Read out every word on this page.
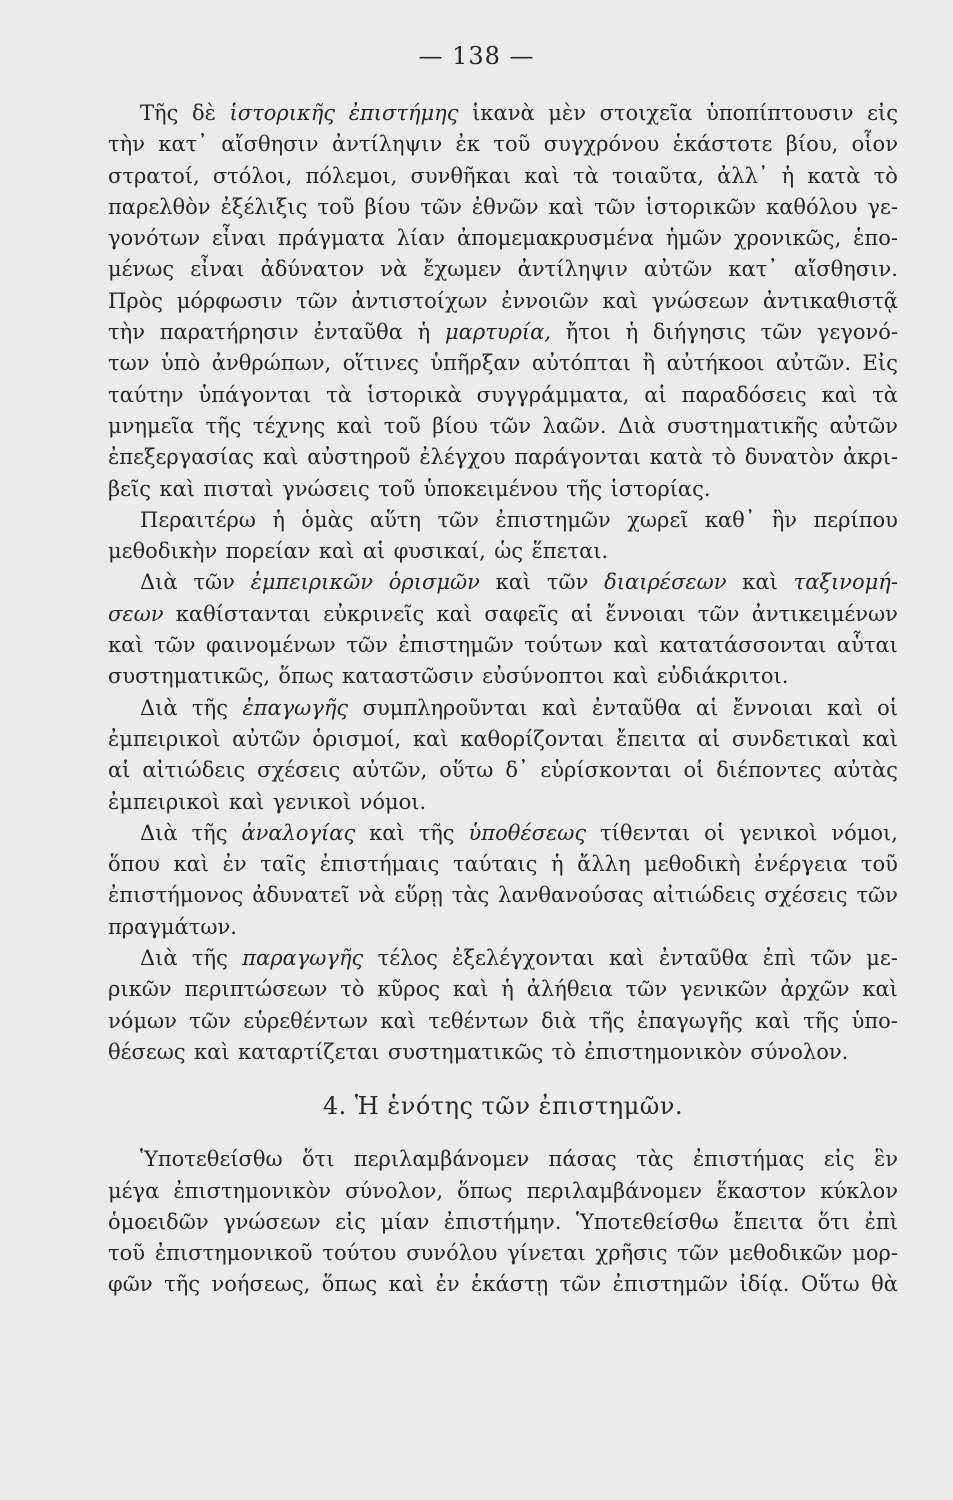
— 138 —
Τῆς δὲ ἱστορικῆς ἐπιστήμης ἱκανὰ μὲν στοιχεῖα ὑποπίπτουσιν εἰς
τὴν κατ᾽ αἴσθησιν ἀντίληψιν ἐκ τοῦ συγχρόνου ἑκάστοτε βίου, οἷον
στρατοί, στόλοι, πόλεμοι, συνθῆκαι καὶ τὰ τοιαῦτα, ἀλλ᾽ ἡ κατὰ τὸ
παρελθὸν ἐξέλιξις τοῦ βίου τῶν ἐθνῶν καὶ τῶν ἱστορικῶν καθόλου γε-
γονότων εἶναι πράγματα λίαν ἀπομεμακρυσμένα ἡμῶν χρονικῶς, ἑπο-
μένως εἶναι ἀδύνατον νὰ ἔχωμεν ἀντίληψιν αὐτῶν κατ᾽ αἴσθησιν.
Πρὸς μόρφωσιν τῶν ἀντιστοίχων ἐννοιῶν καὶ γνώσεων ἀντικαθιστᾷ
τὴν παρατήρησιν ἐνταῦθα ἡ μαρτυρία, ἤτοι ἡ διήγησις τῶν γεγονό-
των ὑπὸ ἀνθρώπων, οἵτινες ὑπῆρξαν αὐτόπται ἢ αὐτήκοοι αὐτῶν. Εἰς
ταύτην ὑπάγονται τὰ ἱστορικὰ συγγράμματα, αἱ παραδόσεις καὶ τὰ
μνημεῖα τῆς τέχνης καὶ τοῦ βίου τῶν λαῶν. Διὰ συστηματικῆς αὐτῶν
ἐπεξεργασίας καὶ αὐστηροῦ ἐλέγχου παράγονται κατὰ τὸ δυνατὸν ἀκρι-
βεῖς καὶ πισταὶ γνώσεις τοῦ ὑποκειμένου τῆς ἱστορίας.
Περαιτέρω ἡ ὁμὰς αὕτη τῶν ἐπιστημῶν χωρεῖ καθ᾽ ἣν περίπου
μεθοδικὴν πορείαν καὶ αἱ φυσικαί, ὡς ἕπεται.
Διὰ τῶν ἐμπειρικῶν ὁρισμῶν καὶ τῶν διαιρέσεων καὶ ταξινομή-
σεων καθίστανται εὐκρινεῖς καὶ σαφεῖς αἱ ἔννοιαι τῶν ἀντικειμένων
καὶ τῶν φαινομένων τῶν ἐπιστημῶν τούτων καὶ κατατάσσονται αὗται
συστηματικῶς, ὅπως καταστῶσιν εὐσύνοπτοι καὶ εὐδιάκριτοι.
Διὰ τῆς ἐπαγωγῆς συμπληροῦνται καὶ ἐνταῦθα αἱ ἔννοιαι καὶ οἱ
ἐμπειρικοὶ αὐτῶν ὁρισμοί, καὶ καθορίζονται ἔπειτα αἱ συνδετικαὶ καὶ
αἱ αἰτιώδεις σχέσεις αὐτῶν, οὕτω δ᾽ εὑρίσκονται οἱ διέποντες αὐτὰς
ἐμπειρικοὶ καὶ γενικοὶ νόμοι.
Διὰ τῆς ἀναλογίας καὶ τῆς ὑποθέσεως τίθενται οἱ γενικοὶ νόμοι,
ὅπου καὶ ἐν ταῖς ἐπιστήμαις ταύταις ἡ ἄλλη μεθοδικὴ ἐνέργεια τοῦ
ἐπιστήμονος ἀδυνατεῖ νὰ εὕρῃ τὰς λανθανούσας αἰτιώδεις σχέσεις τῶν
πραγμάτων.
Διὰ τῆς παραγωγῆς τέλος ἐξελέγχονται καὶ ἐνταῦθα ἐπὶ τῶν με-
ρικῶν περιπτώσεων τὸ κῦρος καὶ ἡ ἀλήθεια τῶν γενικῶν ἀρχῶν καὶ
νόμων τῶν εὑρεθέντων καὶ τεθέντων διὰ τῆς ἐπαγωγῆς καὶ τῆς ὑπο-
θέσεως καὶ καταρτίζεται συστηματικῶς τὸ ἐπιστημονικὸν σύνολον.
4. Ἡ ἑνότης τῶν ἐπιστημῶν.
Ὑποτεθείσθω ὅτι περιλαμβάνομεν πάσας τὰς ἐπιστήμας εἰς ἓν
μέγα ἐπιστημονικὸν σύνολον, ὅπως περιλαμβάνομεν ἕκαστον κύκλον
ὁμοειδῶν γνώσεων εἰς μίαν ἐπιστήμην. Ὑποτεθείσθω ἔπειτα ὅτι ἐπὶ
τοῦ ἐπιστημονικοῦ τούτου συνόλου γίνεται χρῆσις τῶν μεθοδικῶν μορ-
φῶν τῆς νοήσεως, ὅπως καὶ ἐν ἑκάστῃ τῶν ἐπιστημῶν ἰδίᾳ. Οὕτω θὰ
